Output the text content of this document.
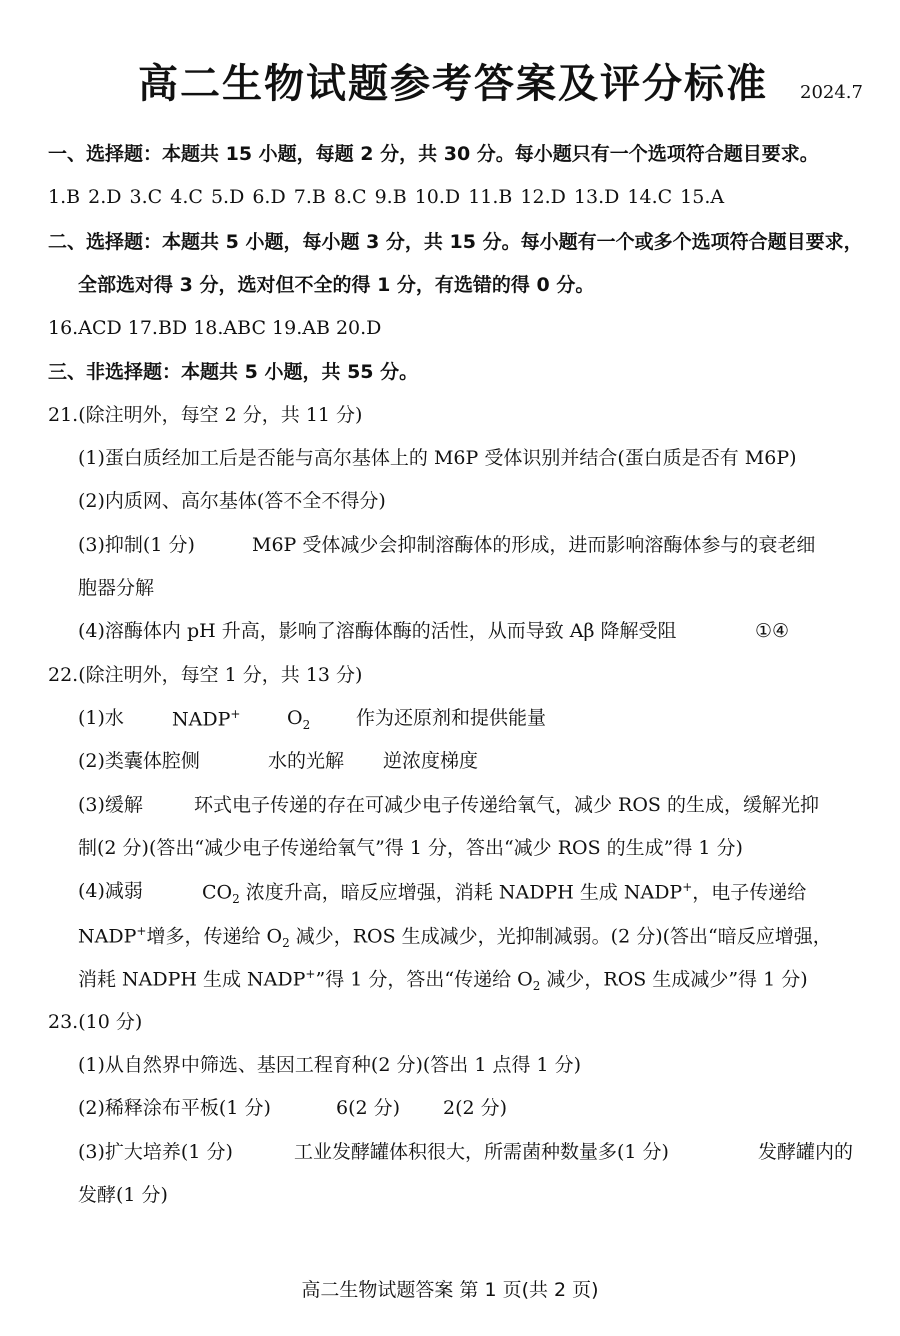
高二生物试题参考答案及评分标准 2024.7
一、选择题：本题共 15 小题，每题 2 分，共 30 分。每小题只有一个选项符合题目要求。
1.B 2.D 3.C 4.C 5.D 6.D 7.B 8.C 9.B 10.D 11.B 12.D 13.D 14.C 15.A
二、选择题：本题共 5 小题，每小题 3 分，共 15 分。每小题有一个或多个选项符合题目要求，
全部选对得 3 分，选对但不全的得 1 分，有选错的得 0 分。
16.ACD 17.BD 18.ABC 19.AB 20.D
三、非选择题：本题共 5 小题，共 55 分。
21.(除注明外，每空 2 分，共 11 分)
(1)蛋白质经加工后是否能与高尔基体上的 M6P 受体识别并结合(蛋白质是否有 M6P)
(2)内质网、高尔基体(答不全不得分)
(3)抑制(1 分)	M6P 受体减少会抑制溶酶体的形成，进而影响溶酶体参与的衰老细
胞器分解
(4)溶酶体内 pH 升高，影响了溶酶体酶的活性，从而导致 Aβ 降解受阻	①④
22.(除注明外，每空 1 分，共 13 分)
(1)水	NADP+ $O_2$ 作为还原剂和提供能量
(2)类囊体腔侧	水的光解 逆浓度梯度
(3)缓解	环式电子传递的存在可减少电子传递给氧气，减少 ROS 的生成，缓解光抑
制(2 分)(答出“减少电子传递给氧气”得 1 分，答出“减少 ROS 的生成”得 1 分)
(4)减弱	$CO_2$ 浓度升高，暗反应增强，消耗 NADPH 生成 NADP+，电子传递给
NADP+增多，传递给 $O_2$ 减少，ROS 生成减少，光抑制减弱。(2 分)(答出“暗反应增强，
消耗 NADPH 生成 NADP+”得 1 分，答出“传递给 $O_2$ 减少，ROS 生成减少”得 1 分)
23.(10 分)
(1)从自然界中筛选、基因工程育种(2 分)(答出 1 点得 1 分)
(2)稀释涂布平板(1 分)	6(2 分) 2(2 分)
(3)扩大培养(1 分)	工业发酵罐体积很大，所需菌种数量多(1 分)	发酵罐内的
发酵(1 分)
高二生物试题答案 第 1 页(共 2 页)
